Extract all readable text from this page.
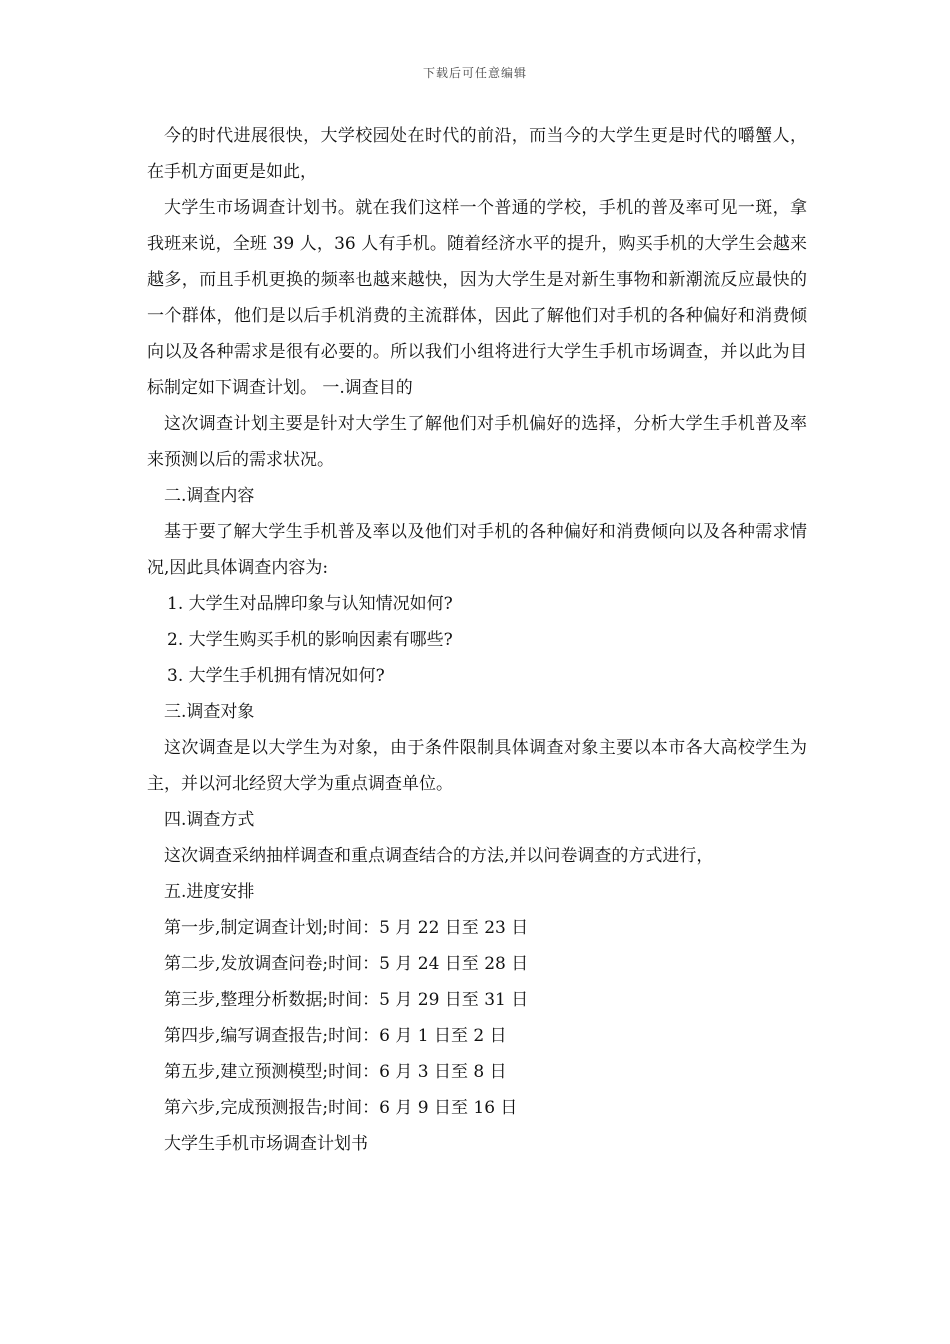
下载后可任意编辑

今的时代进展很快，大学校园处在时代的前沿，而当今的大学生更是时代的嚼蟹人，在手机方面更是如此，

大学生市场调查计划书。就在我们这样一个普通的学校，手机的普及率可见一斑，拿我班来说，全班 39 人，36 人有手机。随着经济水平的提升，购买手机的大学生会越来越多，而且手机更换的频率也越来越快，因为大学生是对新生事物和新潮流反应最快的一个群体，他们是以后手机消费的主流群体，因此了解他们对手机的各种偏好和消费倾向以及各种需求是很有必要的。所以我们小组将进行大学生手机市场调查，并以此为目标制定如下调查计划。 一.调查目的

这次调查计划主要是针对大学生了解他们对手机偏好的选择，分析大学生手机普及率来预测以后的需求状况。

二.调查内容

基于要了解大学生手机普及率以及他们对手机的各种偏好和消费倾向以及各种需求情况,因此具体调查内容为:

1. 大学生对品牌印象与认知情况如何?

2. 大学生购买手机的影响因素有哪些?

3. 大学生手机拥有情况如何?

三.调查对象

这次调查是以大学生为对象，由于条件限制具体调查对象主要以本市各大高校学生为主，并以河北经贸大学为重点调查单位。

四.调查方式

这次调查采纳抽样调查和重点调查结合的方法,并以问卷调查的方式进行，

五.进度安排

第一步,制定调查计划;时间：5 月 22 日至 23 日

第二步,发放调查问卷;时间：5 月 24 日至 28 日

第三步,整理分析数据;时间：5 月 29 日至 31 日

第四步,编写调查报告;时间：6 月 1 日至 2 日

第五步,建立预测模型;时间：6 月 3 日至 8 日

第六步,完成预测报告;时间：6 月 9 日至 16 日

大学生手机市场调查计划书
